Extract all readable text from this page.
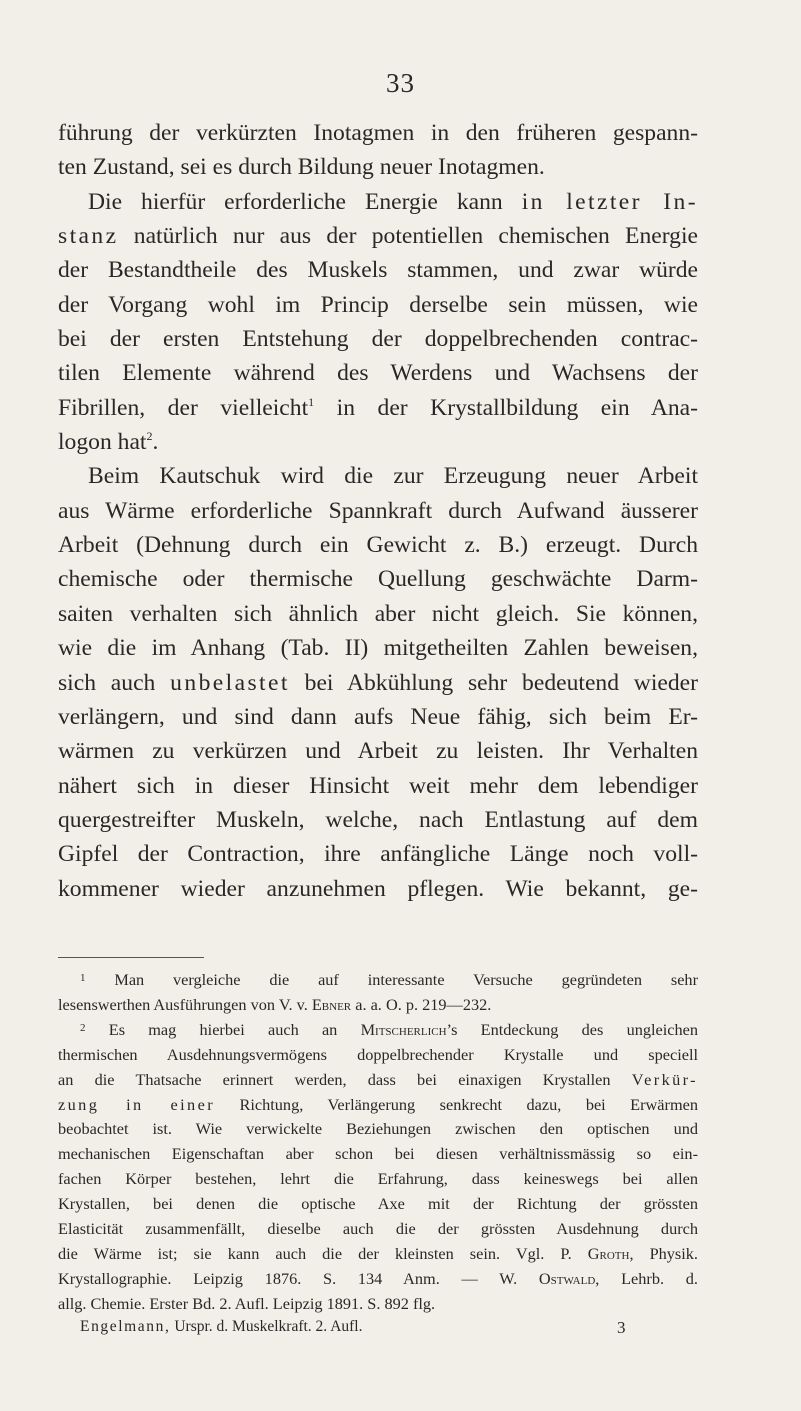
33
führung der verkürzten Inotagmen in den früheren gespann-
ten Zustand, sei es durch Bildung neuer Inotagmen.
Die hierfür erforderliche Energie kann in letzter In-
stanz natürlich nur aus der potentiellen chemischen Energie
der Bestandtheile des Muskels stammen, und zwar würde
der Vorgang wohl im Princip derselbe sein müssen, wie
bei der ersten Entstehung der doppelbrechenden contrac-
tilen Elemente während des Werdens und Wachsens der
Fibrillen, der vielleicht$^1$ in der Krystallbildung ein Ana-
logon hat$^2$.
Beim Kautschuk wird die zur Erzeugung neuer Arbeit
aus Wärme erforderliche Spannkraft durch Aufwand äusserer
Arbeit (Dehnung durch ein Gewicht z. B.) erzeugt. Durch
chemische oder thermische Quellung geschwächte Darm-
saiten verhalten sich ähnlich aber nicht gleich. Sie können,
wie die im Anhang (Tab. II) mitgetheilten Zahlen beweisen,
sich auch unbelastet bei Abkühlung sehr bedeutend wieder
verlängern, und sind dann aufs Neue fähig, sich beim Er-
wärmen zu verkürzen und Arbeit zu leisten. Ihr Verhalten
nähert sich in dieser Hinsicht weit mehr dem lebendiger
quergestreifter Muskeln, welche, nach Entlastung auf dem
Gipfel der Contraction, ihre anfängliche Länge noch voll-
kommener wieder anzunehmen pflegen. Wie bekannt, ge-
$^1$ Man vergleiche die auf interessante Versuche gegründeten sehr
lesenswerthen Ausführungen von V. v. Ebner a. a. O. p. 219—232.
$^2$ Es mag hierbei auch an Mitscherlich’s Entdeckung des ungleichen
thermischen Ausdehnungsvermögens doppelbrechender Krystalle und speciell
an die Thatsache erinnert werden, dass bei einaxigen Krystallen Verkür-
zung in einer Richtung, Verlängerung senkrecht dazu, bei Erwärmen
beobachtet ist. Wie verwickelte Beziehungen zwischen den optischen und
mechanischen Eigenschaftan aber schon bei diesen verhältnissmässig so ein-
fachen Körper bestehen, lehrt die Erfahrung, dass keineswegs bei allen
Krystallen, bei denen die optische Axe mit der Richtung der grössten
Elasticität zusammenfällt, dieselbe auch die der grössten Ausdehnung durch
die Wärme ist; sie kann auch die der kleinsten sein. Vgl. P. Groth, Physik.
Krystallographie. Leipzig 1876. S. 134 Anm. — W. Ostwald, Lehrb. d.
allg. Chemie. Erster Bd. 2. Aufl. Leipzig 1891. S. 892 flg.
Engelmann, Urspr. d. Muskelkraft. 2. Aufl.	3
